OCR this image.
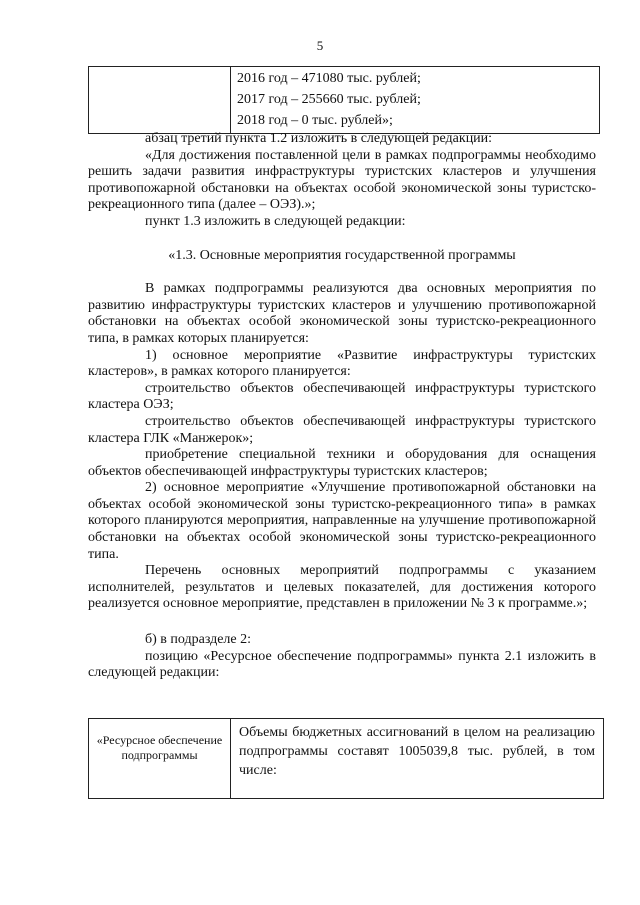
5

2016 год – 471080 тыс. рублей;
2017 год – 255660 тыс. рублей;
2018 год – 0 тыс. рублей»;

абзац третий пункта 1.2 изложить в следующей редакции:

«Для достижения поставленной цели в рамках подпрограммы необходимо решить задачи развития инфраструктуры туристских кластеров и улучшения противопожарной обстановки на объектах особой экономической зоны туристско-рекреационного типа (далее – ОЭЗ).»;

пункт 1.3 изложить в следующей редакции:

«1.3. Основные мероприятия государственной программы

В рамках подпрограммы реализуются два основных мероприятия по развитию инфраструктуры туристских кластеров и улучшению противопожарной обстановки на объектах особой экономической зоны туристско-рекреационного типа, в рамках которых планируется:

1) основное мероприятие «Развитие инфраструктуры туристских кластеров», в рамках которого планируется:

строительство объектов обеспечивающей инфраструктуры туристского кластера ОЭЗ;

строительство объектов обеспечивающей инфраструктуры туристского кластера ГЛК «Манжерок»;

приобретение специальной техники и оборудования для оснащения объектов обеспечивающей инфраструктуры туристских кластеров;

2) основное мероприятие «Улучшение противопожарной обстановки на объектах особой экономической зоны туристско-рекреационного типа» в рамках которого планируются мероприятия, направленные на улучшение противопожарной обстановки на объектах особой экономической зоны туристско-рекреационного типа.

Перечень основных мероприятий подпрограммы с указанием исполнителей, результатов и целевых показателей, для достижения которого реализуется основное мероприятие, представлен в приложении № 3 к программе.»;

б) в подразделе 2:

позицию «Ресурсное обеспечение подпрограммы» пункта 2.1 изложить в следующей редакции:

«Ресурсное обеспечение подпрограммы	Объемы бюджетных ассигнований в целом на реализацию подпрограммы составят 1005039,8 тыс. рублей, в том числе:
